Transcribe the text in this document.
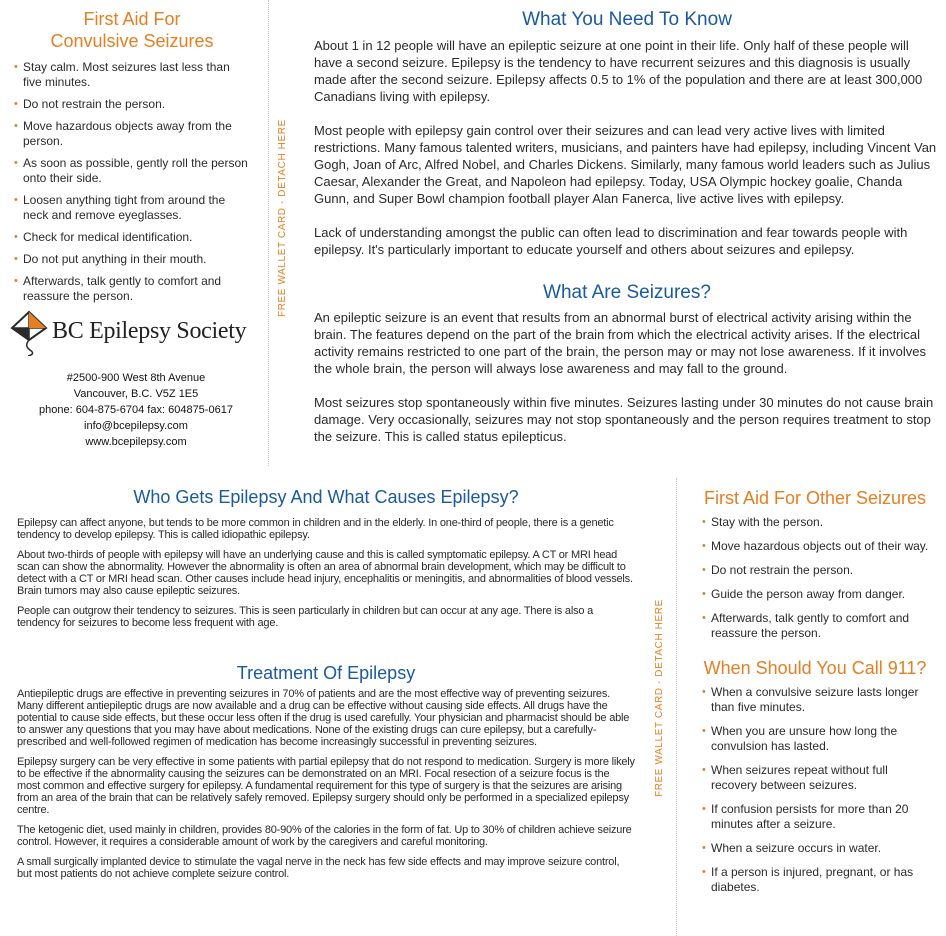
First Aid For
Convulsive Seizures
• Stay calm. Most seizures last less than five minutes.
• Do not restrain the person.
• Move hazardous objects away from the person.
• As soon as possible, gently roll the person onto their side.
• Loosen anything tight from around the neck and remove eyeglasses.
• Check for medical identification.
• Do not put anything in their mouth.
• Afterwards, talk gently to comfort and reassure the person.
BC Epilepsy Society
#2500-900 West 8th Avenue
Vancouver, B.C. V5Z 1E5
phone: 604-875-6704 fax: 604875-0617
info@bcepilepsy.com
www.bcepilepsy.com
FREE WALLET CARD - DETACH HERE
What You Need To Know

About 1 in 12 people will have an epileptic seizure at one point in their life. Only half of these people will have a second seizure. Epilepsy is the tendency to have recurrent seizures and this diagnosis is usually made after the second seizure. Epilepsy affects 0.5 to 1% of the population and there are at least 300,000 Canadians living with epilepsy.

Most people with epilepsy gain control over their seizures and can lead very active lives with limited restrictions. Many famous talented writers, musicians, and painters have had epilepsy, including Vincent Van Gogh, Joan of Arc, Alfred Nobel, and Charles Dickens. Similarly, many famous world leaders such as Julius Caesar, Alexander the Great, and Napoleon had epilepsy. Today, USA Olympic hockey goalie, Chanda Gunn, and Super Bowl champion football player Alan Fanerca, live active lives with epilepsy.

Lack of understanding amongst the public can often lead to discrimination and fear towards people with epilepsy. It's particularly important to educate yourself and others about seizures and epilepsy.

What Are Seizures?

An epileptic seizure is an event that results from an abnormal burst of electrical activity arising within the brain. The features depend on the part of the brain from which the electrical activity arises. If the electrical activity remains restricted to one part of the brain, the person may or may not lose awareness. If it involves the whole brain, the person will always lose awareness and may fall to the ground.

Most seizures stop spontaneously within five minutes. Seizures lasting under 30 minutes do not cause brain damage. Very occasionally, seizures may not stop spontaneously and the person requires treatment to stop the seizure. This is called status epilepticus.

Who Gets Epilepsy And What Causes Epilepsy?

Epilepsy can affect anyone, but tends to be more common in children and in the elderly. In one-third of people, there is a genetic tendency to develop epilepsy. This is called idiopathic epilepsy.

About two-thirds of people with epilepsy will have an underlying cause and this is called symptomatic epilepsy. A CT or MRI head scan can show the abnormality. However the abnormality is often an area of abnormal brain development, which may be difficult to detect with a CT or MRI head scan. Other causes include head injury, encephalitis or meningitis, and abnormalities of blood vessels. Brain tumors may also cause epileptic seizures.

People can outgrow their tendency to seizures. This is seen particularly in children but can occur at any age. There is also a tendency for seizures to become less frequent with age.

Treatment Of Epilepsy

Antiepileptic drugs are effective in preventing seizures in 70% of patients and are the most effective way of preventing seizures. Many different antiepileptic drugs are now available and a drug can be effective without causing side effects. All drugs have the potential to cause side effects, but these occur less often if the drug is used carefully. Your physician and pharmacist should be able to answer any questions that you may have about medications. None of the existing drugs can cure epilepsy, but a carefully-prescribed and well-followed regimen of medication has become increasingly successful in preventing seizures.

Epilepsy surgery can be very effective in some patients with partial epilepsy that do not respond to medication. Surgery is more likely to be effective if the abnormality causing the seizures can be demonstrated on an MRI. Focal resection of a seizure focus is the most common and effective surgery for epilepsy. A fundamental requirement for this type of surgery is that the seizures are arising from an area of the brain that can be relatively safely removed. Epilepsy surgery should only be performed in a specialized epilepsy centre.

The ketogenic diet, used mainly in children, provides 80-90% of the calories in the form of fat. Up to 30% of children achieve seizure control. However, it requires a considerable amount of work by the caregivers and careful monitoring.

A small surgically implanted device to stimulate the vagal nerve in the neck has few side effects and may improve seizure control, but most patients do not achieve complete seizure control.

FREE WALLET CARD - DETACH HERE
First Aid For Other Seizures
• Stay with the person.
• Move hazardous objects out of their way.
• Do not restrain the person.
• Guide the person away from danger.
• Afterwards, talk gently to comfort and reassure the person.
When Should You Call 911?
• When a convulsive seizure lasts longer than five minutes.
• When you are unsure how long the convulsion has lasted.
• When seizures repeat without full recovery between seizures.
• If confusion persists for more than 20 minutes after a seizure.
• When a seizure occurs in water.
• If a person is injured, pregnant, or has diabetes.
